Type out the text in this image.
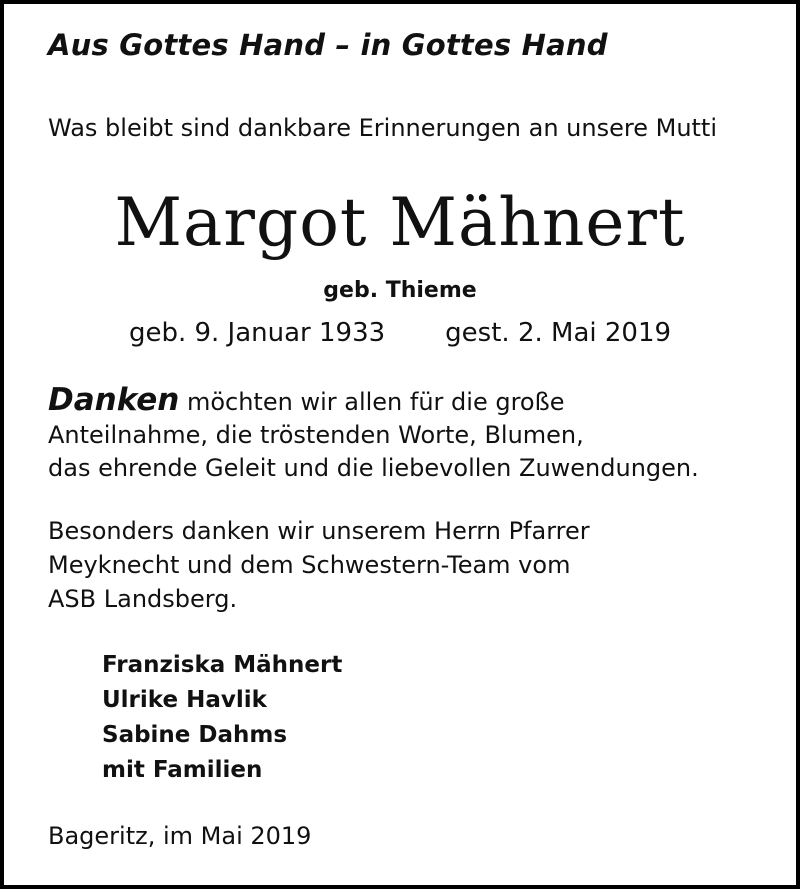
Aus Gottes Hand – in Gottes Hand
Was bleibt sind dankbare Erinnerungen an unsere Mutti
Margot Mähnert
geb. Thieme
geb. 9. Januar 1933 gest. 2. Mai 2019
Danken möchten wir allen für die große
Anteilnahme, die tröstenden Worte, Blumen,
das ehrende Geleit und die liebevollen Zuwendungen.
Besonders danken wir unserem Herrn Pfarrer
Meyknecht und dem Schwestern-Team vom
ASB Landsberg.
Franziska Mähnert
Ulrike Havlik
Sabine Dahms
mit Familien
Bageritz, im Mai 2019
